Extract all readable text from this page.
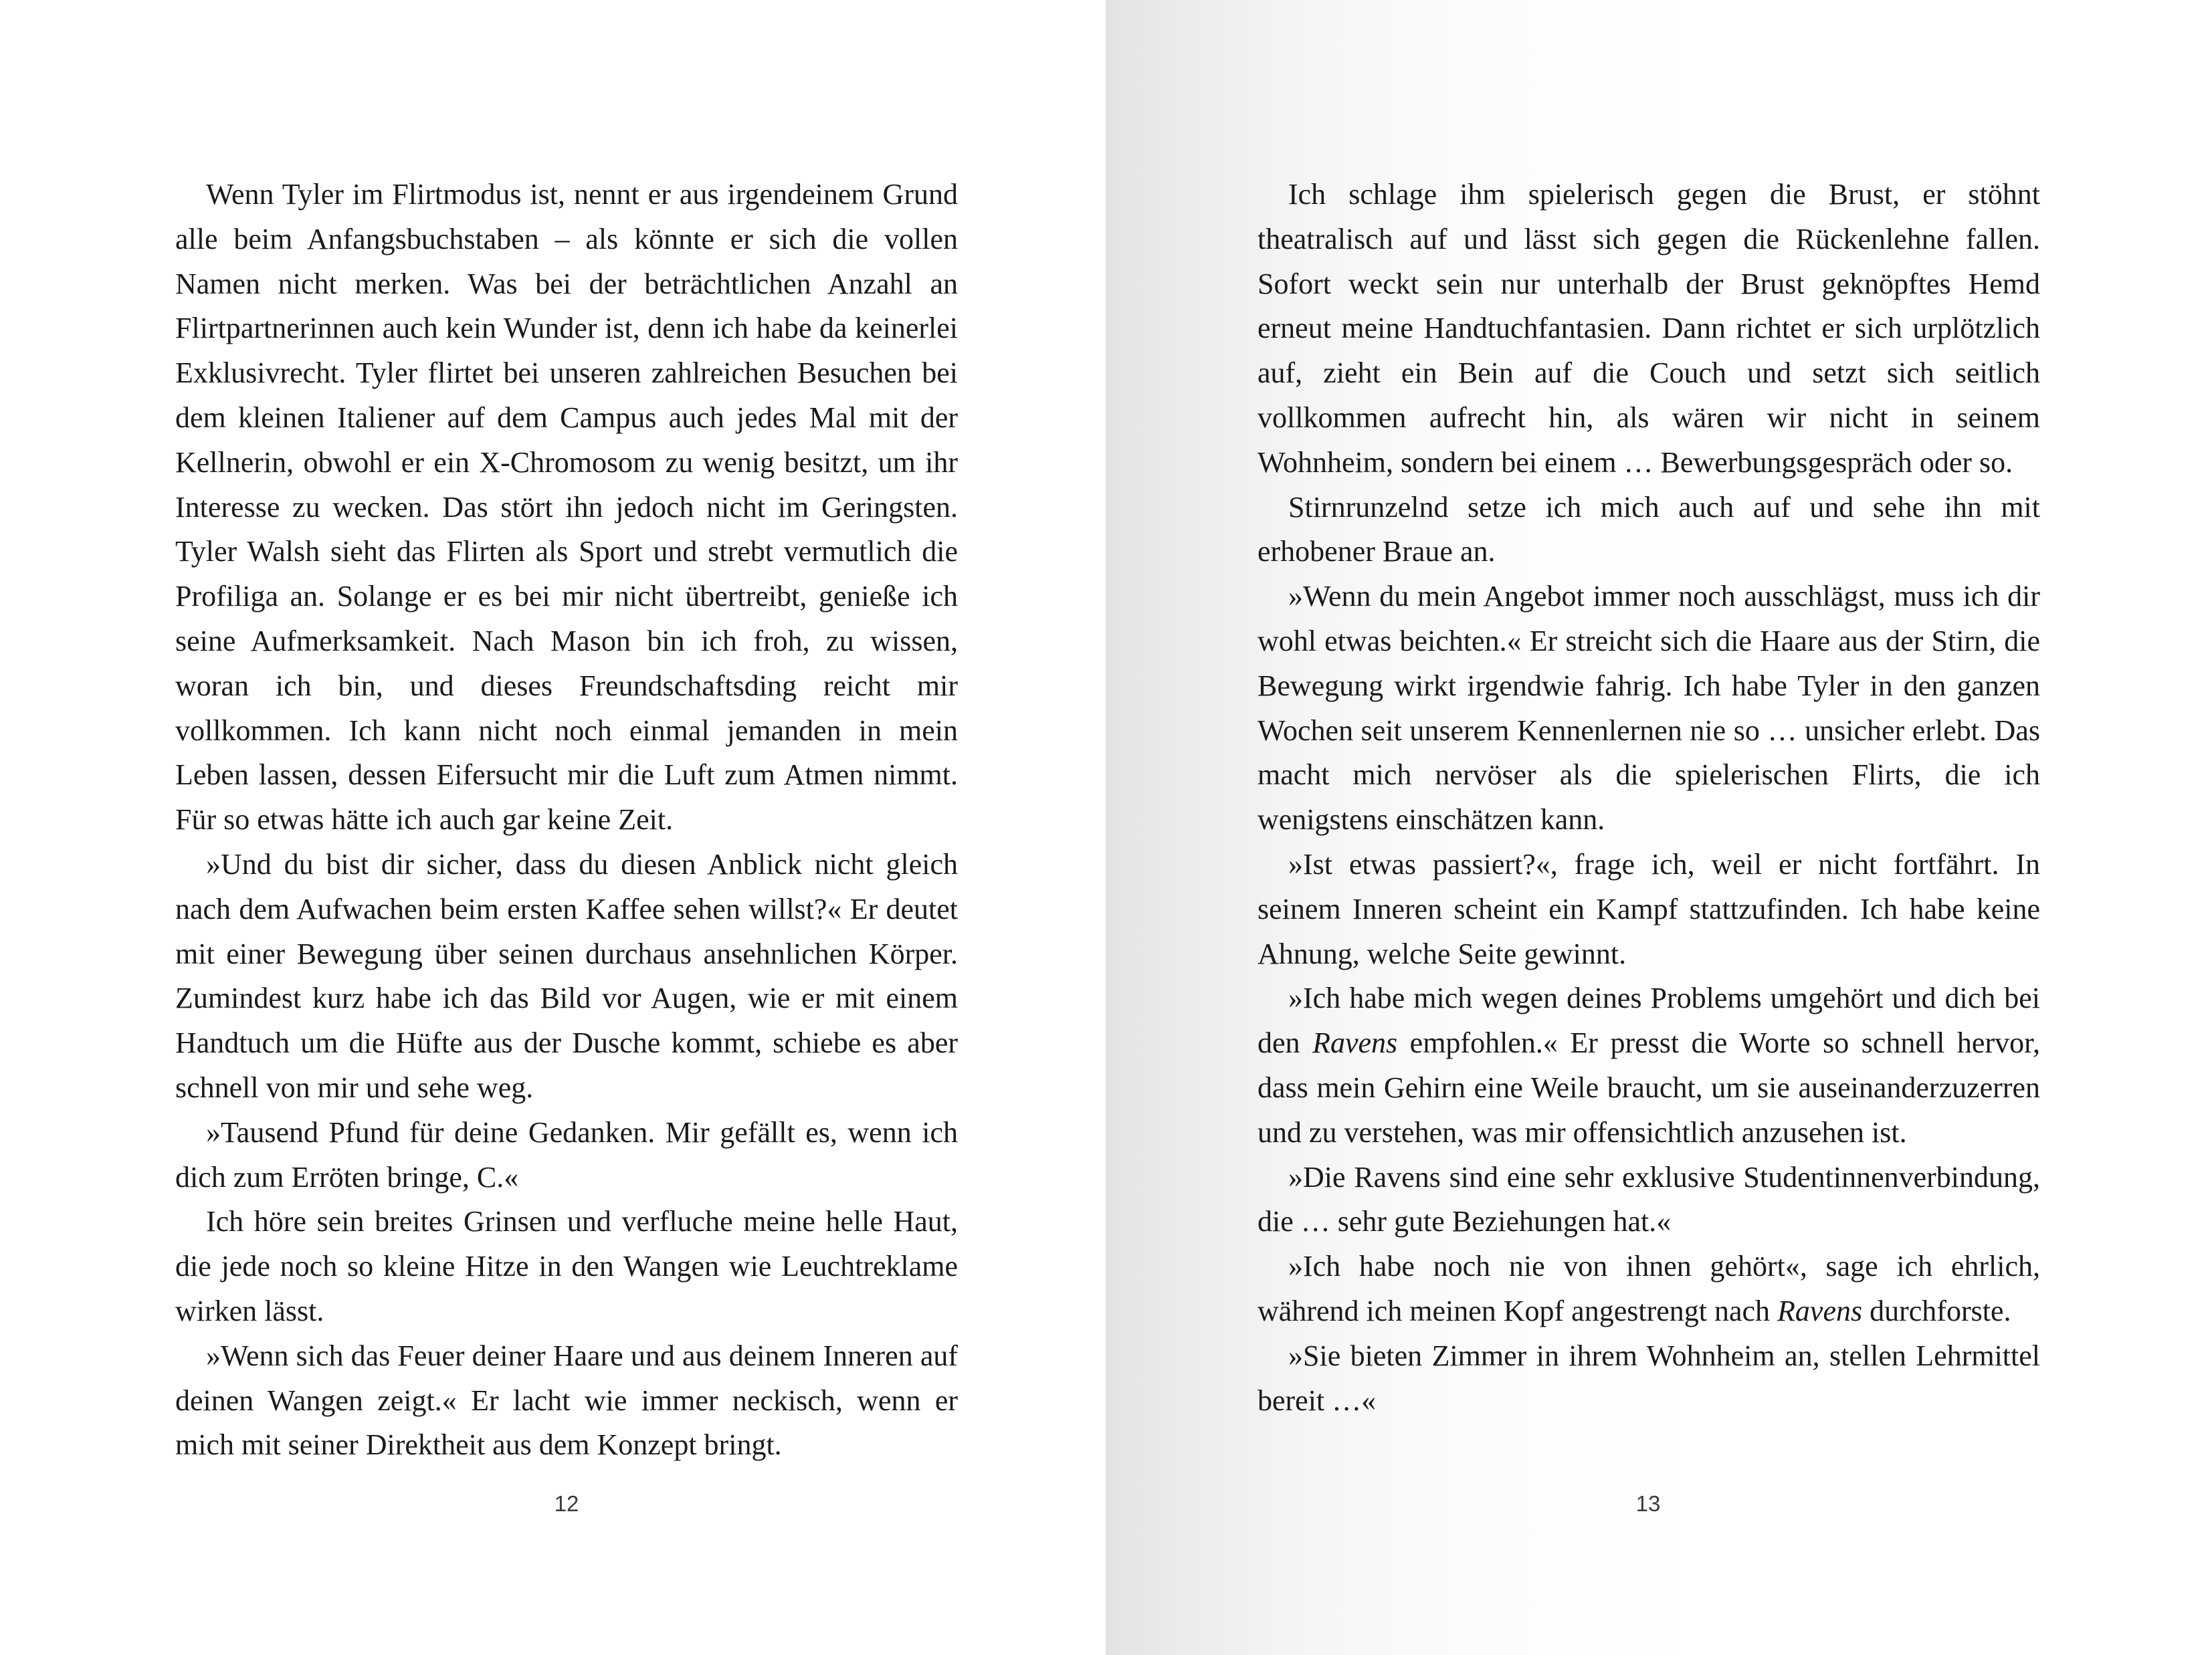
Wenn Tyler im Flirtmodus ist, nennt er aus irgendeinem Grund alle beim Anfangsbuchstaben – als könnte er sich die vollen Namen nicht merken. Was bei der beträchtlichen Anzahl an Flirtpartnerinnen auch kein Wunder ist, denn ich habe da keinerlei Exklusivrecht. Tyler flirtet bei unseren zahlreichen Besuchen bei dem kleinen Italiener auf dem Campus auch jedes Mal mit der Kellnerin, obwohl er ein X-Chromosom zu wenig besitzt, um ihr Interesse zu wecken. Das stört ihn jedoch nicht im Geringsten. Tyler Walsh sieht das Flirten als Sport und strebt vermutlich die Profiliga an. Solange er es bei mir nicht übertreibt, genieße ich seine Aufmerksamkeit. Nach Mason bin ich froh, zu wissen, woran ich bin, und dieses Freundschaftsding reicht mir vollkommen. Ich kann nicht noch einmal jemanden in mein Leben lassen, dessen Eifersucht mir die Luft zum Atmen nimmt. Für so etwas hätte ich auch gar keine Zeit.

»Und du bist dir sicher, dass du diesen Anblick nicht gleich nach dem Aufwachen beim ersten Kaffee sehen willst?« Er deutet mit einer Bewegung über seinen durchaus ansehnlichen Körper. Zumindest kurz habe ich das Bild vor Augen, wie er mit einem Handtuch um die Hüfte aus der Dusche kommt, schiebe es aber schnell von mir und sehe weg.

»Tausend Pfund für deine Gedanken. Mir gefällt es, wenn ich dich zum Erröten bringe, C.«

Ich höre sein breites Grinsen und verfluche meine helle Haut, die jede noch so kleine Hitze in den Wangen wie Leuchtreklame wirken lässt.

»Wenn sich das Feuer deiner Haare und aus deinem Inneren auf deinen Wangen zeigt.« Er lacht wie immer neckisch, wenn er mich mit seiner Direktheit aus dem Konzept bringt.

12

Ich schlage ihm spielerisch gegen die Brust, er stöhnt theatralisch auf und lässt sich gegen die Rückenlehne fallen. Sofort weckt sein nur unterhalb der Brust geknöpftes Hemd erneut meine Handtuchfantasien. Dann richtet er sich urplötzlich auf, zieht ein Bein auf die Couch und setzt sich seitlich vollkommen aufrecht hin, als wären wir nicht in seinem Wohnheim, sondern bei einem … Bewerbungsgespräch oder so.

Stirnrunzelnd setze ich mich auch auf und sehe ihn mit erhobener Braue an.

»Wenn du mein Angebot immer noch ausschlägst, muss ich dir wohl etwas beichten.« Er streicht sich die Haare aus der Stirn, die Bewegung wirkt irgendwie fahrig. Ich habe Tyler in den ganzen Wochen seit unserem Kennenlernen nie so … unsicher erlebt. Das macht mich nervöser als die spielerischen Flirts, die ich wenigstens einschätzen kann.

»Ist etwas passiert?«, frage ich, weil er nicht fortfährt. In seinem Inneren scheint ein Kampf stattzufinden. Ich habe keine Ahnung, welche Seite gewinnt.

»Ich habe mich wegen deines Problems umgehört und dich bei den Ravens empfohlen.« Er presst die Worte so schnell hervor, dass mein Gehirn eine Weile braucht, um sie auseinanderzuzerren und zu verstehen, was mir offensichtlich anzusehen ist.

»Die Ravens sind eine sehr exklusive Studentinnenverbindung, die … sehr gute Beziehungen hat.«

»Ich habe noch nie von ihnen gehört«, sage ich ehrlich, während ich meinen Kopf angestrengt nach Ravens durchforste.

»Sie bieten Zimmer in ihrem Wohnheim an, stellen Lehrmittel bereit …«

13
